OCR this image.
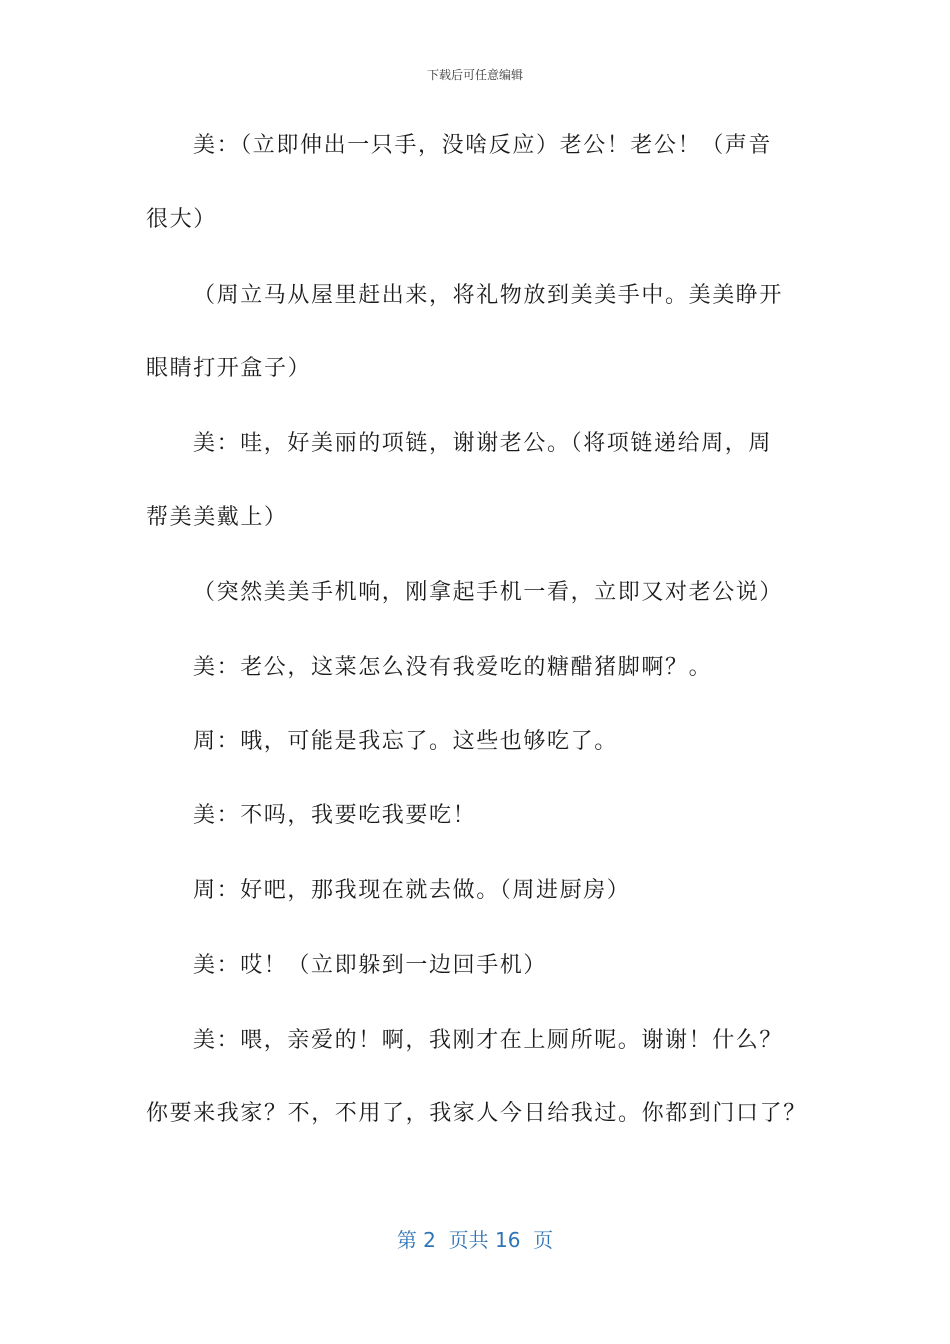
下载后可任意编辑
美：（立即伸出一只手，没啥反应）老公！老公！（声音
很大）
（周立马从屋里赶出来，将礼物放到美美手中。美美睁开
眼睛打开盒子）
美：哇，好美丽的项链，谢谢老公。（将项链递给周，周
帮美美戴上）
（突然美美手机响，刚拿起手机一看，立即又对老公说）
美：老公，这菜怎么没有我爱吃的糖醋猪脚啊？。
周：哦，可能是我忘了。这些也够吃了。
美：不吗，我要吃我要吃！
周：好吧，那我现在就去做。（周进厨房）
美：哎！（立即躲到一边回手机）
美：喂，亲爱的！啊，我刚才在上厕所呢。谢谢！什么？
你要来我家？不，不用了，我家人今日给我过。你都到门口了？
第 2  页共 16  页
